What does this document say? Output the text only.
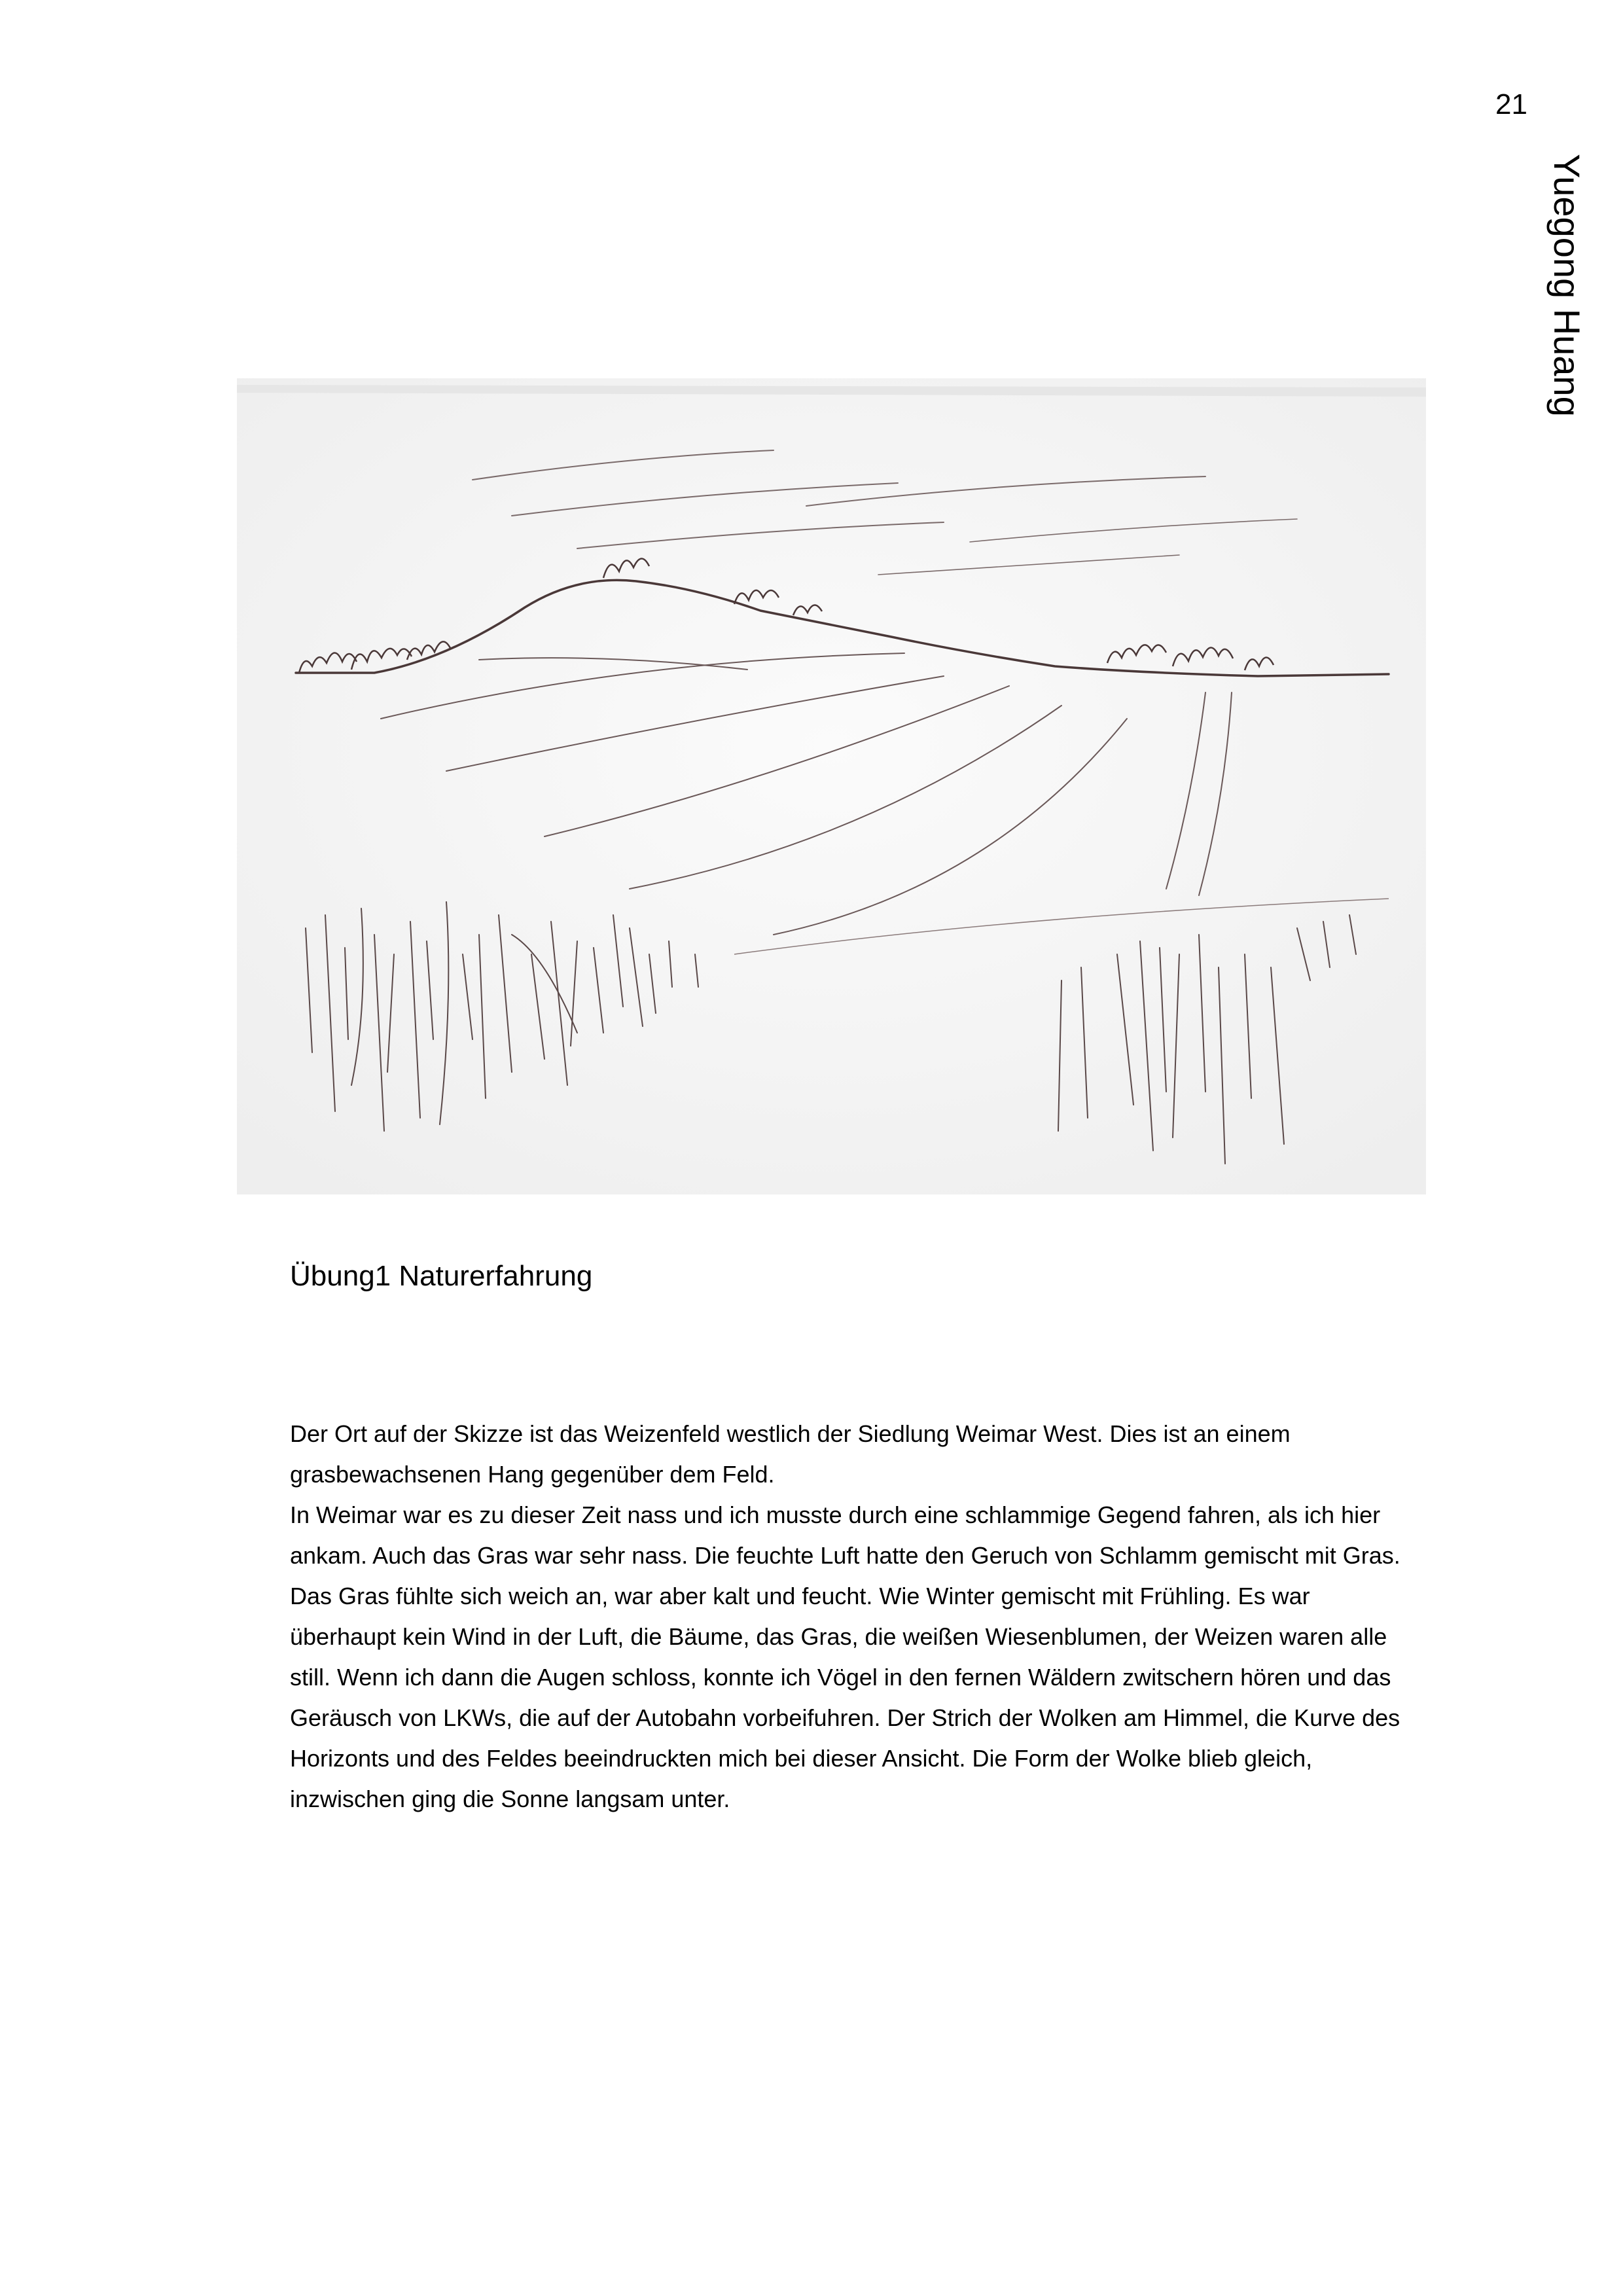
21
Yuegong Huang
Übung1 Naturerfahrung

Der Ort auf der Skizze ist das Weizenfeld westlich der Siedlung Weimar West. Dies ist an einem grasbewachsenen Hang gegenüber dem Feld.

In Weimar war es zu dieser Zeit nass und ich musste durch eine schlammige Gegend fahren, als ich hier ankam. Auch das Gras war sehr nass. Die feuchte Luft hatte den Geruch von Schlamm gemischt mit Gras. Das Gras fühlte sich weich an, war aber kalt und feucht. Wie Winter gemischt mit Frühling. Es war überhaupt kein Wind in der Luft, die Bäume, das Gras, die weißen Wiesenblumen, der Weizen waren alle still. Wenn ich dann die Augen schloss, konnte ich Vögel in den fernen Wäldern zwitschern hören und das Geräusch von LKWs, die auf der Autobahn vorbeifuhren. Der Strich der Wolken am Himmel, die Kurve des Horizonts und des Feldes beeindruckten mich bei dieser Ansicht. Die Form der Wolke blieb gleich, inzwischen ging die Sonne langsam unter.
